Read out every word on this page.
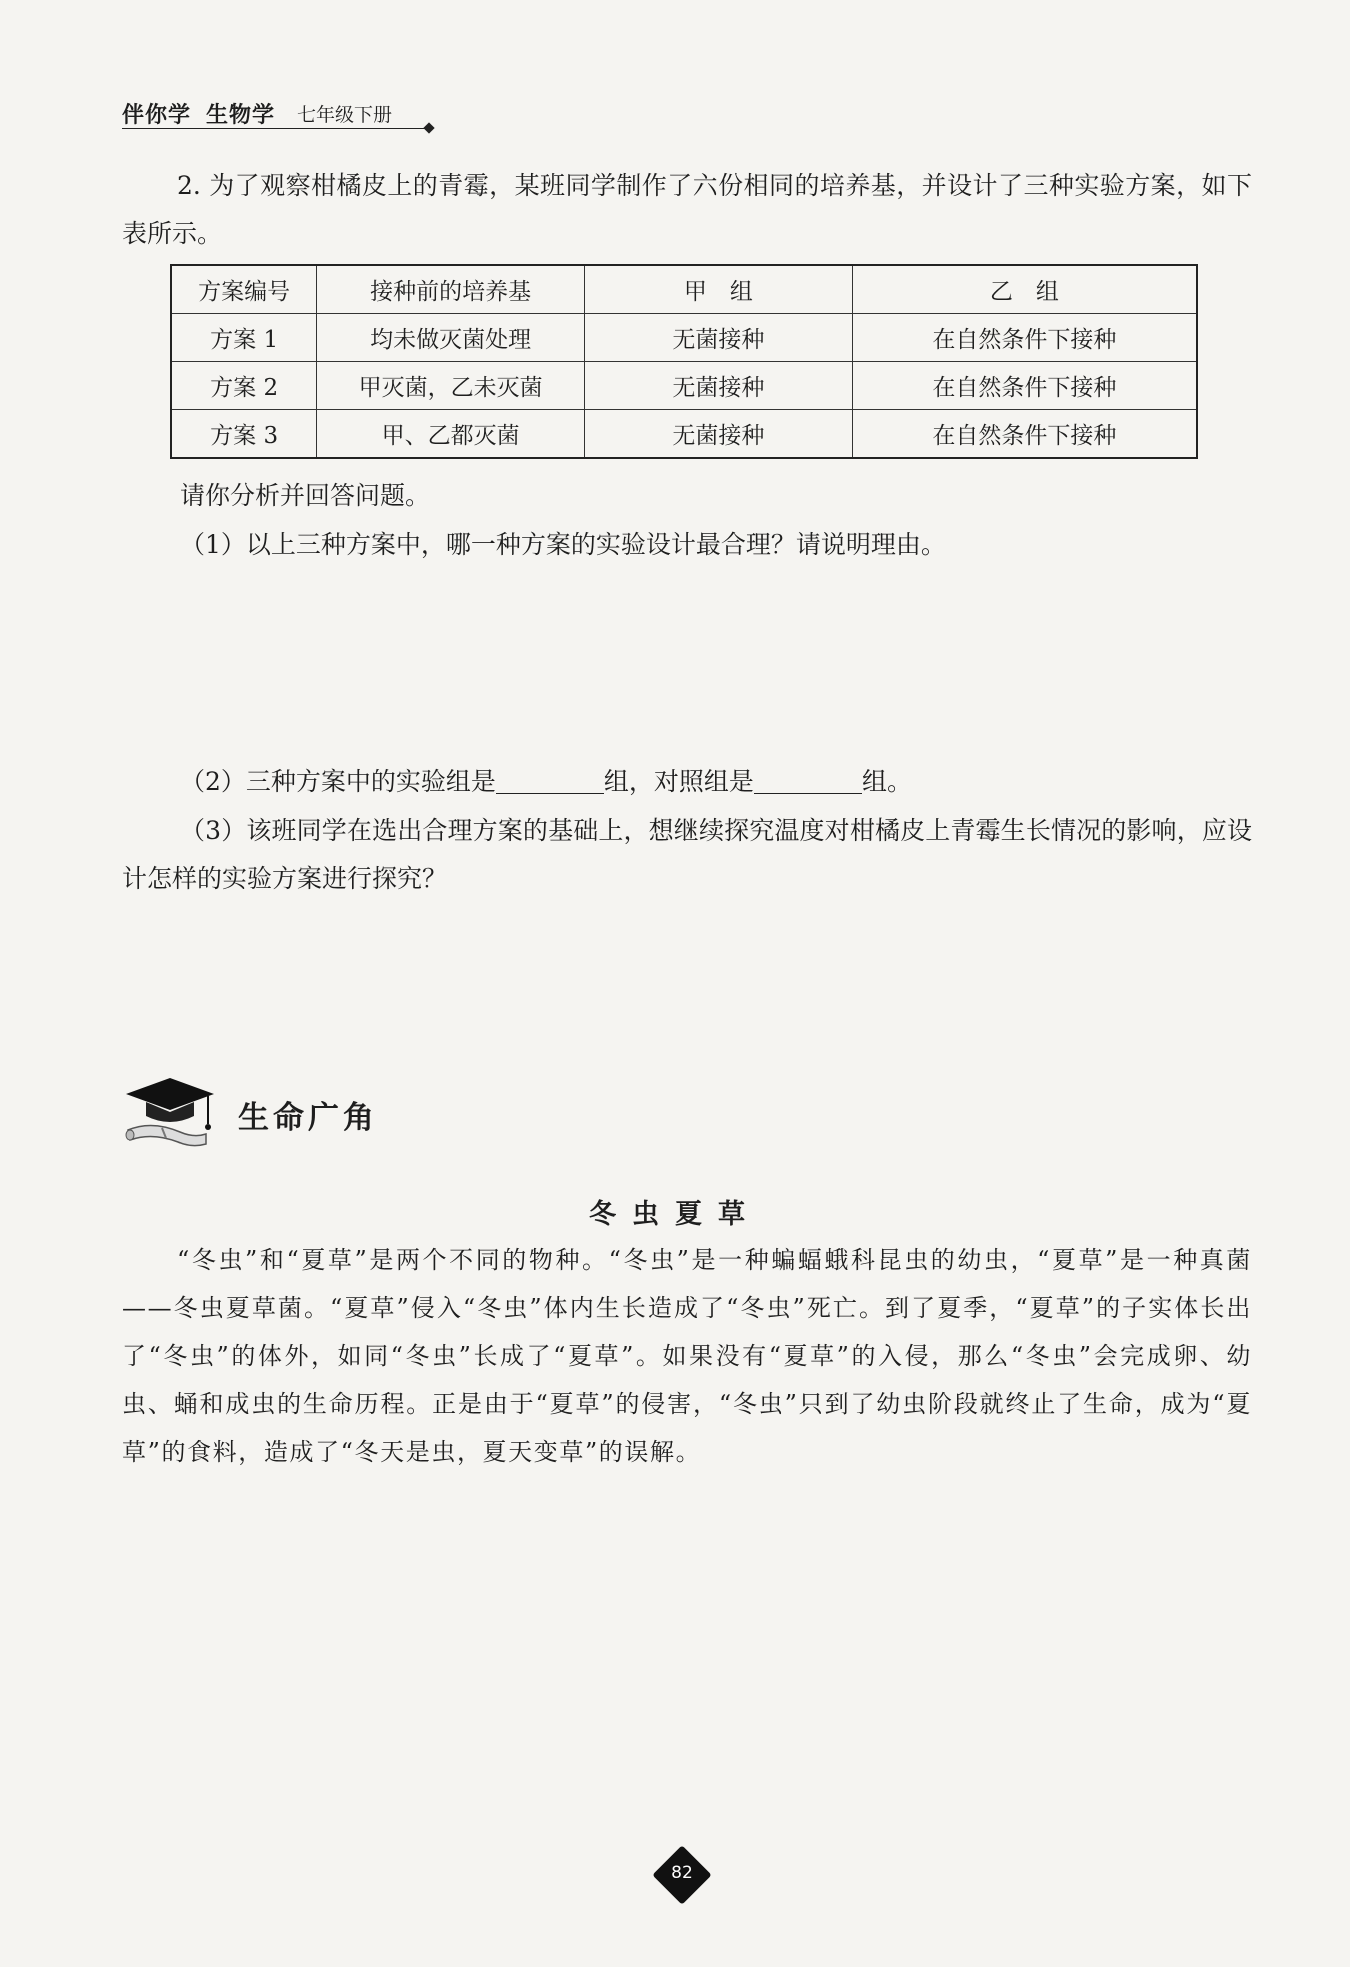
伴你学 生物学 七年级下册
2. 为了观察柑橘皮上的青霉，某班同学制作了六份相同的培养基，并设计了三种实验方案，如下表所示。
方案编号	接种前的培养基	甲　组	乙　组
方案 1	均未做灭菌处理	无菌接种	在自然条件下接种
方案 2	甲灭菌，乙未灭菌	无菌接种	在自然条件下接种
方案 3	甲、乙都灭菌	无菌接种	在自然条件下接种
请你分析并回答问题。
（1）以上三种方案中，哪一种方案的实验设计最合理？请说明理由。
（2）三种方案中的实验组是	组，对照组是	组。
（3）该班同学在选出合理方案的基础上，想继续探究温度对柑橘皮上青霉生长情况的影响，应设计怎样的实验方案进行探究？
生命广角
冬虫夏草
“冬虫”和“夏草”是两个不同的物种。“冬虫”是一种蝙蝠蛾科昆虫的幼虫，“夏草”是一种真菌——冬虫夏草菌。“夏草”侵入“冬虫”体内生长造成了“冬虫”死亡。到了夏季，“夏草”的子实体长出了“冬虫”的体外，如同“冬虫”长成了“夏草”。如果没有“夏草”的入侵，那么“冬虫”会完成卵、幼虫、蛹和成虫的生命历程。正是由于“夏草”的侵害，“冬虫”只到了幼虫阶段就终止了生命，成为“夏草”的食料，造成了“冬天是虫，夏天变草”的误解。
82
